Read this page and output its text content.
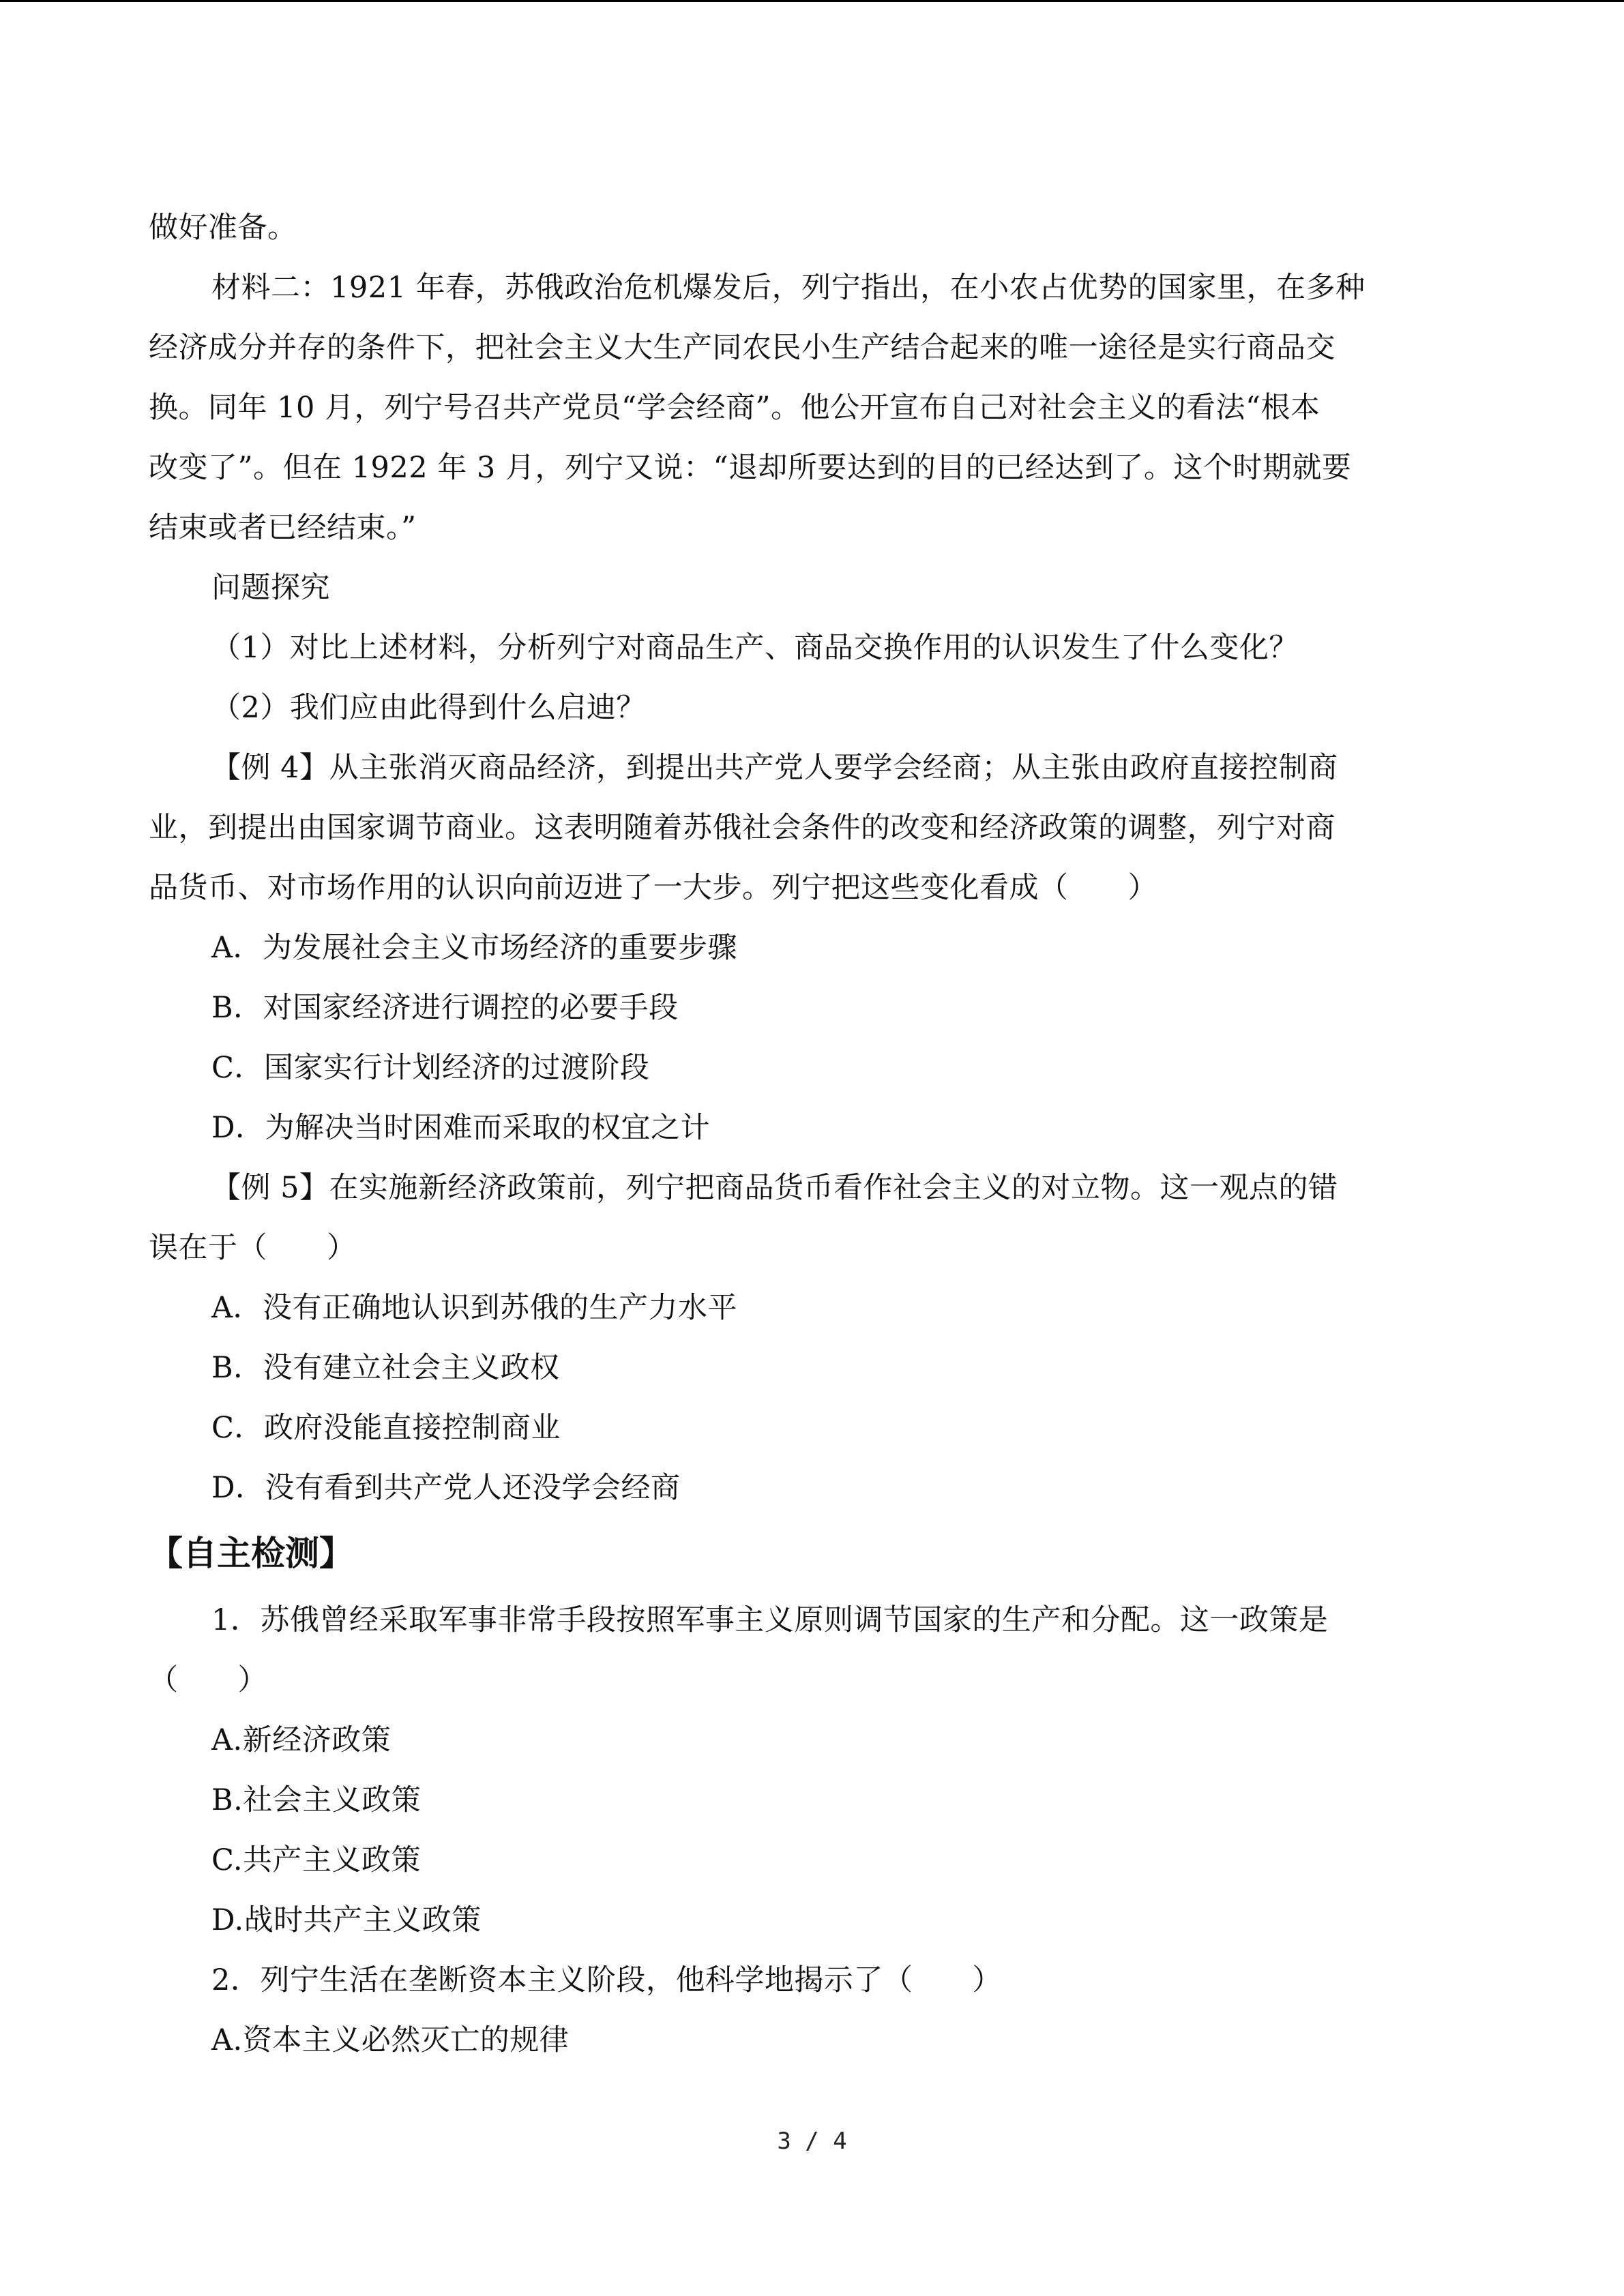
做好准备。
材料二：1921 年春，苏俄政治危机爆发后，列宁指出，在小农占优势的国家里，在多种
经济成分并存的条件下，把社会主义大生产同农民小生产结合起来的唯一途径是实行商品交
换。同年 10 月，列宁号召共产党员“学会经商”。他公开宣布自己对社会主义的看法“根本
改变了”。但在 1922 年 3 月，列宁又说：“退却所要达到的目的已经达到了。这个时期就要
结束或者已经结束。”
问题探究
（1）对比上述材料，分析列宁对商品生产、商品交换作用的认识发生了什么变化？
（2）我们应由此得到什么启迪？
【例 4】从主张消灭商品经济，到提出共产党人要学会经商；从主张由政府直接控制商
业，到提出由国家调节商业。这表明随着苏俄社会条件的改变和经济政策的调整，列宁对商
品货币、对市场作用的认识向前迈进了一大步。列宁把这些变化看成（　　）
A．为发展社会主义市场经济的重要步骤
B．对国家经济进行调控的必要手段
C．国家实行计划经济的过渡阶段
D．为解决当时困难而采取的权宜之计
【例 5】在实施新经济政策前，列宁把商品货币看作社会主义的对立物。这一观点的错
误在于（　　）
A．没有正确地认识到苏俄的生产力水平
B．没有建立社会主义政权
C．政府没能直接控制商业
D．没有看到共产党人还没学会经商
【自主检测】
1．苏俄曾经采取军事非常手段按照军事主义原则调节国家的生产和分配。这一政策是
（　　）
A.新经济政策
B.社会主义政策
C.共产主义政策
D.战时共产主义政策
2．列宁生活在垄断资本主义阶段，他科学地揭示了（　　）
A.资本主义必然灭亡的规律
3 / 4
